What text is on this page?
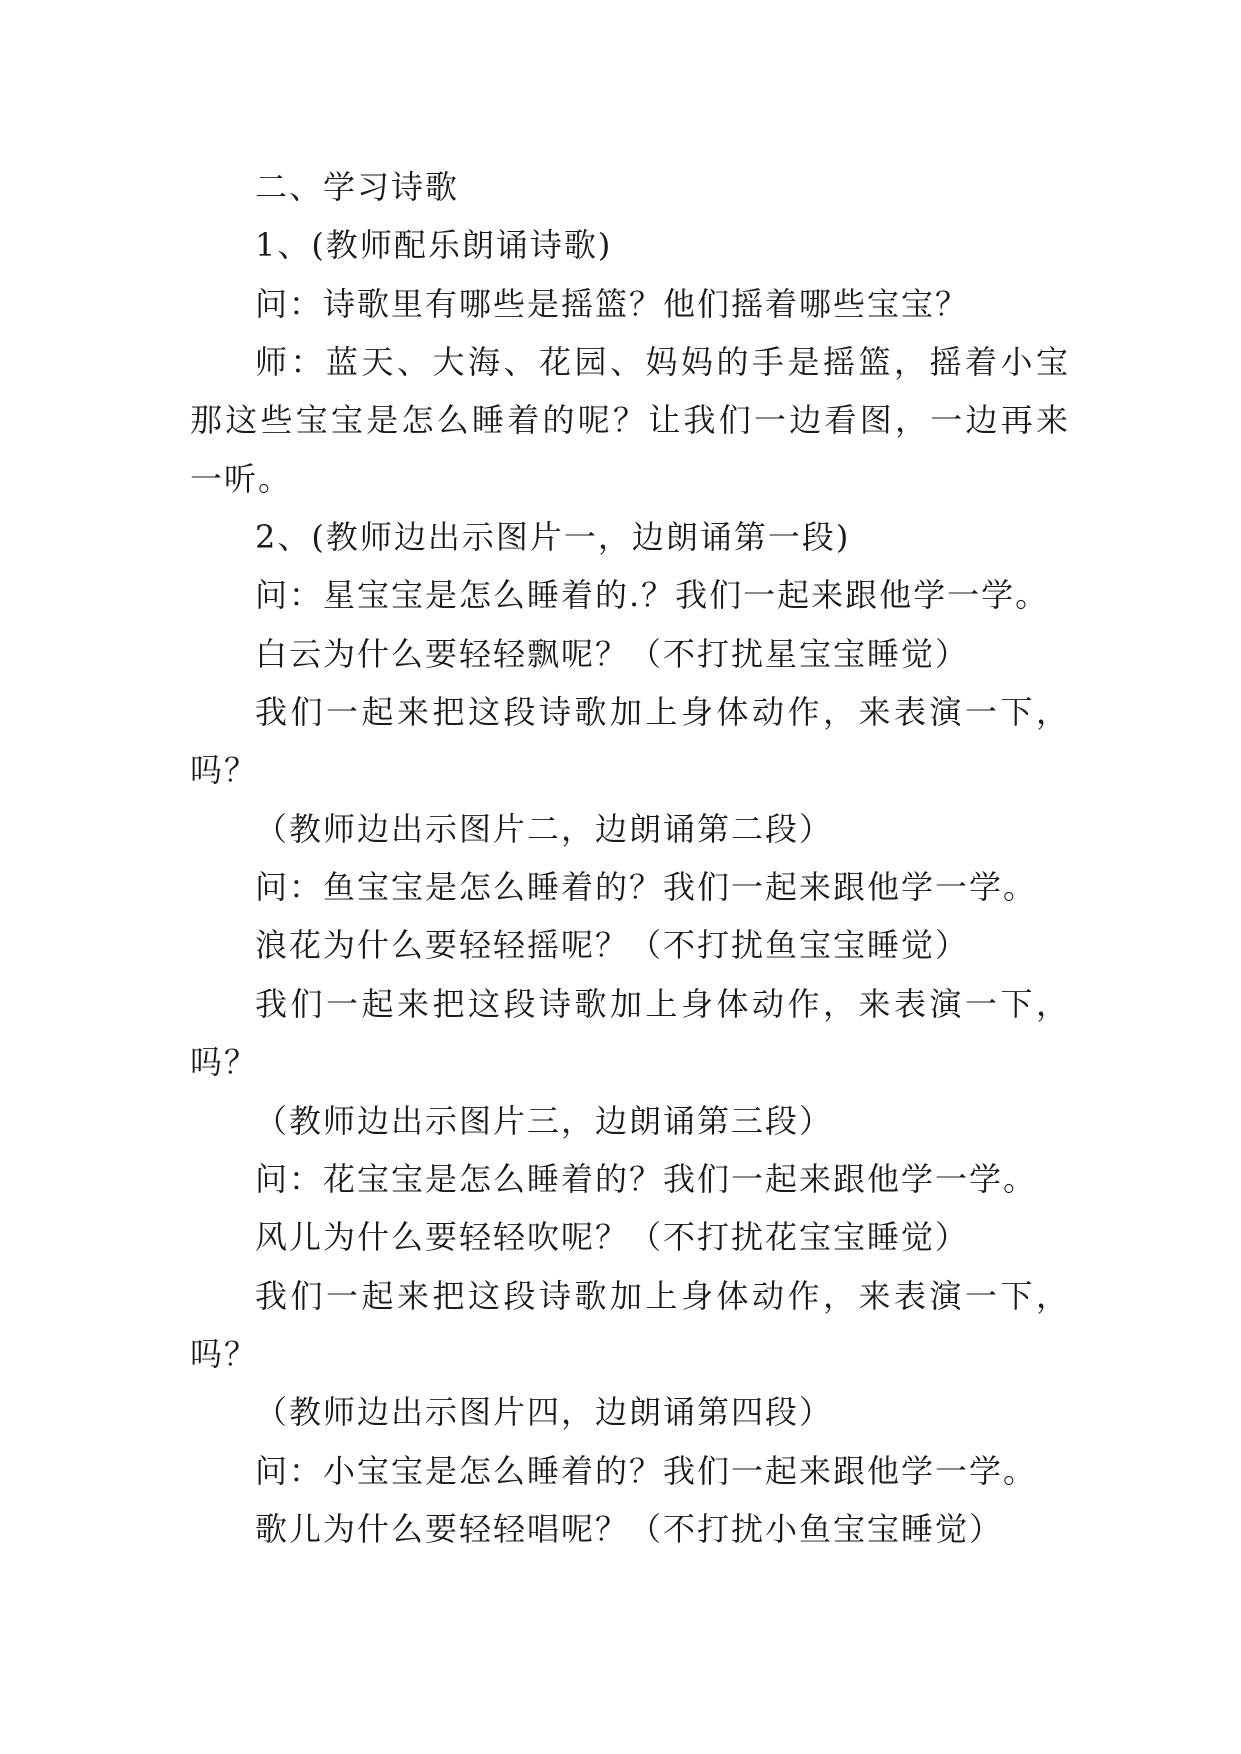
二、学习诗歌
1、(教师配乐朗诵诗歌)
问：诗歌里有哪些是摇篮？他们摇着哪些宝宝？
师：蓝天、大海、花园、妈妈的手是摇篮，摇着小宝
那这些宝宝是怎么睡着的呢？让我们一边看图，一边再来
一听。
2、(教师边出示图片一，边朗诵第一段)
问：星宝宝是怎么睡着的.？我们一起来跟他学一学。
白云为什么要轻轻飘呢？（不打扰星宝宝睡觉）
我们一起来把这段诗歌加上身体动作，来表演一下，
吗？
（教师边出示图片二，边朗诵第二段）
问：鱼宝宝是怎么睡着的？我们一起来跟他学一学。
浪花为什么要轻轻摇呢？（不打扰鱼宝宝睡觉）
我们一起来把这段诗歌加上身体动作，来表演一下，
吗？
（教师边出示图片三，边朗诵第三段）
问：花宝宝是怎么睡着的？我们一起来跟他学一学。
风儿为什么要轻轻吹呢？（不打扰花宝宝睡觉）
我们一起来把这段诗歌加上身体动作，来表演一下，
吗？
（教师边出示图片四，边朗诵第四段）
问：小宝宝是怎么睡着的？我们一起来跟他学一学。
歌儿为什么要轻轻唱呢？（不打扰小鱼宝宝睡觉）
